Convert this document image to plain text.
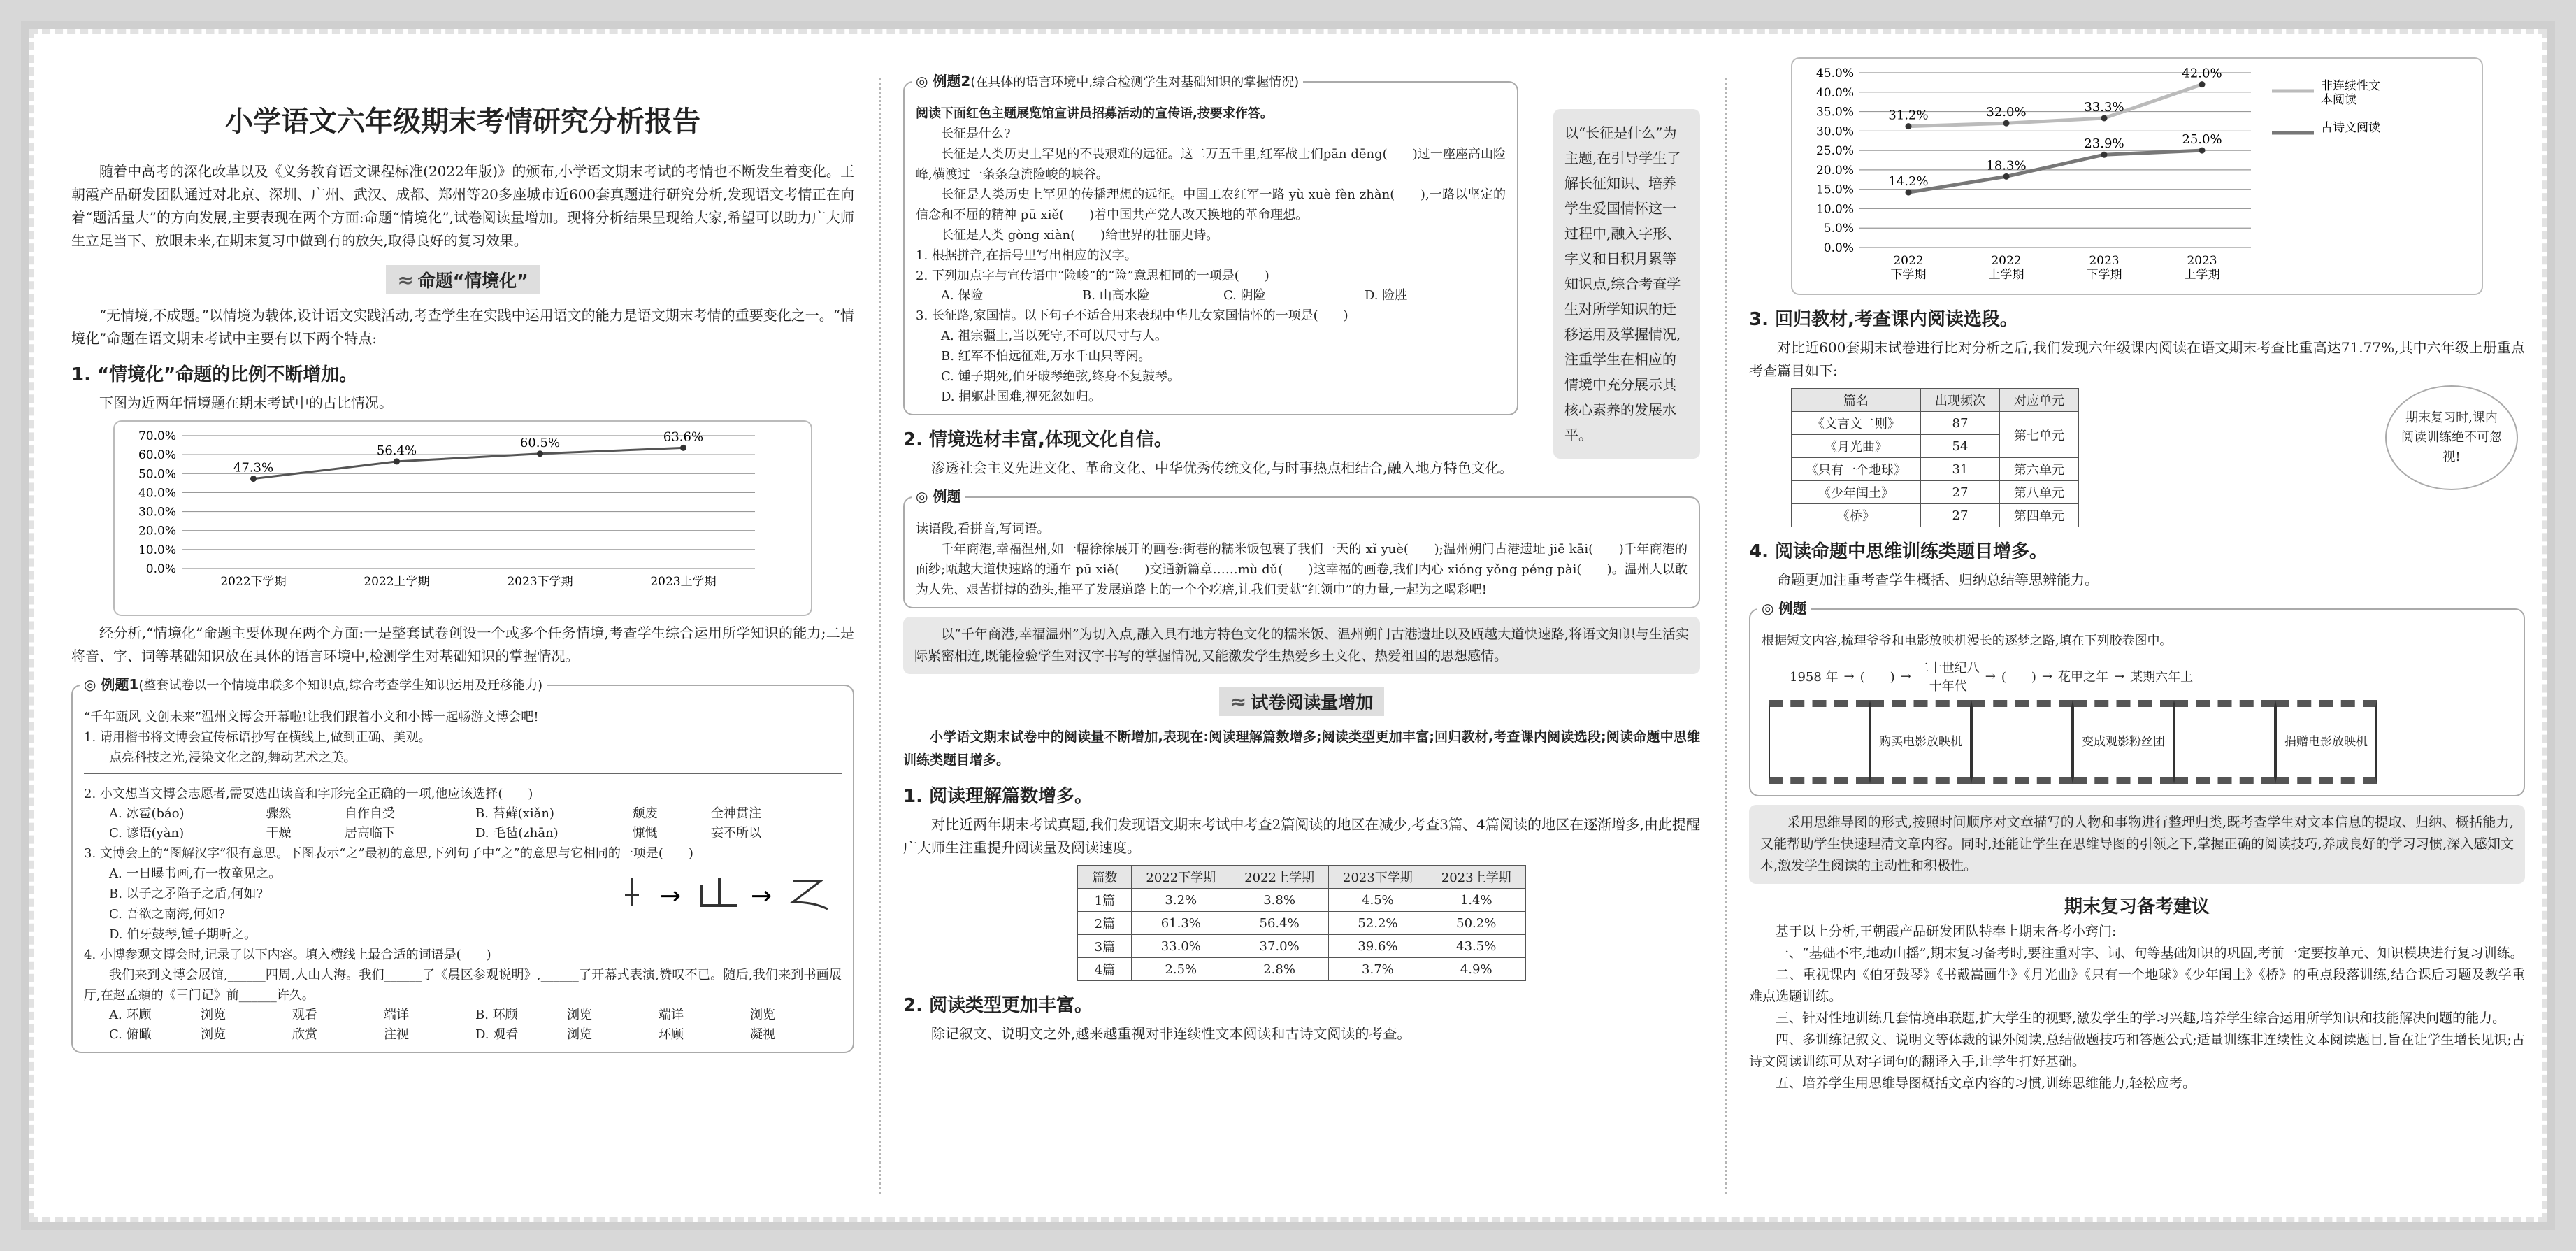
小学语文六年级期末考情研究分析报告

随着中高考的深化改革以及《义务教育语文课程标准(2022年版)》的颁布,小学语文期末考试的考情也不断发生着变化。王朝霞产品研发团队通过对北京、深圳、广州、武汉、成都、郑州等20多座城市近600套真题进行研究分析,发现语文考情正在向着“题活量大”的方向发展,主要表现在两个方面:命题“情境化”,试卷阅读量增加。现将分析结果呈现给大家,希望可以助力广大师生立足当下、放眼未来,在期末复习中做到有的放矢,取得良好的复习效果。

≈ 命题“情境化”

“无情境,不成题。”以情境为载体,设计语文实践活动,考查学生在实践中运用语文的能力是语文期末考情的重要变化之一。“情境化”命题在语文期末考试中主要有以下两个特点:

1. “情境化”命题的比例不断增加。

下图为近两年情境题在期末考试中的占比情况。

70.0%
60.0%
50.0%
40.0%
30.0%
20.0%
10.0%
0.0%
2022下学期	2022上学期	2023下学期	2023上学期
47.3%
56.4%
60.5%	63.6%

经分析,“情境化”命题主要体现在两个方面:一是整套试卷创设一个或多个任务情境,考查学生综合运用所学知识的能力;二是将音、字、词等基础知识放在具体的语言环境中,检测学生对基础知识的掌握情况。

◎ 例题1(整套试卷以一个情境串联多个知识点,综合考查学生知识运用及迁移能力)

“千年瓯风 文创未来”温州文博会开幕啦!让我们跟着小文和小博一起畅游文博会吧!

1. 请用楷书将文博会宣传标语抄写在横线上,做到正确、美观。

点亮科技之光,浸染文化之韵,舞动艺术之美。

2. 小文想当文博会志愿者,需要选出读音和字形完全正确的一项,他应该选择(　　)

A. 冰雹(báo)	骤然	自作自受	B. 苔藓(xiǎn)	颓废	全神贯注
C. 谚语(yàn)	干燥	居高临下	D. 毛毡(zhān)	慷慨	妄不所以

3. 文博会上的“图解汉字”很有意思。下图表示“之”最初的意思,下列句子中“之”的意思与它相同的一项是(　　)

A. 一日曝书画,有一牧童见之。

B. 以子之矛陷子之盾,何如?

C. 吾欲之南海,何如?

D. 伯牙鼓琴,锺子期听之。

→	→

4. 小博参观文博会时,记录了以下内容。填入横线上最合适的词语是(　　)

我们来到文博会展馆,______四周,人山人海。我们______了《晨区参观说明》,______了开幕式表演,赞叹不已。随后,我们来到书画展厅,在赵孟頫的《三门记》前______许久。

A. 环顾	浏览	观看	端详	B. 环顾	浏览	端详	浏览
C. 俯瞰	浏览	欣赏	注视	D. 观看	浏览	环顾	凝视
◎ 例题2(在具体的语言环境中,综合检测学生对基础知识的掌握情况)

阅读下面红色主题展览馆宣讲员招募活动的宣传语,按要求作答。

长征是什么?

长征是人类历史上罕见的不畏艰难的远征。这二万五千里,红军战士们pān dēng(　　)过一座座高山险峰,横渡过一条条急流险峻的峡谷。

长征是人类历史上罕见的传播理想的远征。中国工农红军一路 yù xuè fèn zhàn(　　),一路以坚定的信念和不屈的精神 pū xiě(　　)着中国共产党人改天换地的革命理想。

长征是人类 gòng xiàn(　　)给世界的壮丽史诗。

1. 根据拼音,在括号里写出相应的汉字。

2. 下列加点字与宣传语中“险峻”的“险”意思相同的一项是(　　)

A. 保险	B. 山高水险	C. 阴险	D. 险胜

3. 长征路,家国情。以下句子不适合用来表现中华儿女家国情怀的一项是(　　)

A. 祖宗疆土,当以死守,不可以尺寸与人。

B. 红军不怕远征难,万水千山只等闲。

C. 锺子期死,伯牙破琴绝弦,终身不复鼓琴。

D. 捐躯赴国难,视死忽如归。

以“长征是什么”为主题,在引导学生了解长征知识、培养学生爱国情怀这一过程中,融入字形、字义和日积月累等知识点,综合考查学生对所学知识的迁移运用及掌握情况,注重学生在相应的情境中充分展示其核心素养的发展水平。
2. 情境选材丰富,体现文化自信。

渗透社会主义先进文化、革命文化、中华优秀传统文化,与时事热点相结合,融入地方特色文化。

◎ 例题

读语段,看拼音,写词语。

千年商港,幸福温州,如一幅徐徐展开的画卷:街巷的糯米饭包裹了我们一天的 xǐ yuè(　　);温州朔门古港遗址 jiē kāi(　　)千年商港的面纱;瓯越大道快速路的通车 pū xiě(　　)交通新篇章……mù dǔ(　　)这幸福的画卷,我们内心 xióng yǒng péng pài(　　)。温州人以敢为人先、艰苦拼搏的劲头,推平了发展道路上的一个个疙瘩,让我们贡献“红领巾”的力量,一起为之喝彩吧!

以“千年商港,幸福温州”为切入点,融入具有地方特色文化的糯米饭、温州朔门古港遗址以及瓯越大道快速路,将语文知识与生活实际紧密相连,既能检验学生对汉字书写的掌握情况,又能激发学生热爱乡土文化、热爱祖国的思想感情。

≈ 试卷阅读量增加

小学语文期末试卷中的阅读量不断增加,表现在:阅读理解篇数增多;阅读类型更加丰富;回归教材,考查课内阅读选段;阅读命题中思维训练类题目增多。

1. 阅读理解篇数增多。

对比近两年期末考试真题,我们发现语文期末考试中考查2篇阅读的地区在减少,考查3篇、4篇阅读的地区在逐渐增多,由此提醒广大师生注重提升阅读量及阅读速度。

篇数	2022下学期	2022上学期	2023下学期	2023上学期
1篇	3.2%	3.8%	4.5%	1.4%
2篇	61.3%	56.4%	52.2%	50.2%
3篇	33.0%	37.0%	39.6%	43.5%
4篇	2.5%	2.8%	3.7%	4.9%
2. 阅读类型更加丰富。

除记叙文、说明文之外,越来越重视对非连续性文本阅读和古诗文阅读的考查。

45.0%
40.0%
35.0%
30.0%
25.0%
20.0%
15.0%
10.0%
5.0%
0.0%
2022
下学期
2022
上学期
2023
下学期
2023
上学期
31.2%	32.0%	33.3%
42.0%
非连续性文
本阅读
14.2%
18.3%
23.9%	25.0%
古诗文阅读
3. 回归教材,考查课内阅读选段。

对比近600套期末试卷进行比对分析之后,我们发现六年级课内阅读在语文期末考查比重高达71.77%,其中六年级上册重点考查篇目如下:

篇名	出现频次	对应单元
《文言文二则》	87	第七单元
《月光曲》	54	
《只有一个地球》	31	第六单元
《少年闰土》	27	第八单元
《桥》	27	第四单元
期末复习时,课内阅读训练绝不可忽视!
4. 阅读命题中思维训练类题目增多。

命题更加注重考查学生概括、归纳总结等思辨能力。

◎ 例题

根据短文内容,梳理爷爷和电影放映机漫长的逐梦之路,填在下列胶卷图中。

1958 年 → (　　) →
二十世纪八十年代
→ (　　) → 花甲之年 → 某期六年上
购买电影放映机	变成观影粉丝团	捐赠电影放映机

采用思维导图的形式,按照时间顺序对文章描写的人物和事物进行整理归类,既考查学生对文本信息的提取、归纳、概括能力,又能帮助学生快速理清文章内容。同时,还能让学生在思维导图的引领之下,掌握正确的阅读技巧,养成良好的学习习惯,深入感知文本,激发学生阅读的主动性和积极性。

期末复习备考建议

基于以上分析,王朝霞产品研发团队特奉上期末备考小窍门:

一、“基础不牢,地动山摇”,期末复习备考时,要注重对字、词、句等基础知识的巩固,考前一定要按单元、知识模块进行复习训练。

二、重视课内《伯牙鼓琴》《书戴嵩画牛》《月光曲》《只有一个地球》《少年闰土》《桥》的重点段落训练,结合课后习题及教学重难点选题训练。

三、针对性地训练几套情境串联题,扩大学生的视野,激发学生的学习兴趣,培养学生综合运用所学知识和技能解决问题的能力。

四、多训练记叙文、说明文等体裁的课外阅读,总结做题技巧和答题公式;适量训练非连续性文本阅读题目,旨在让学生增长见识;古诗文阅读训练可从对字词句的翻译入手,让学生打好基础。

五、培养学生用思维导图概括文章内容的习惯,训练思维能力,轻松应考。
